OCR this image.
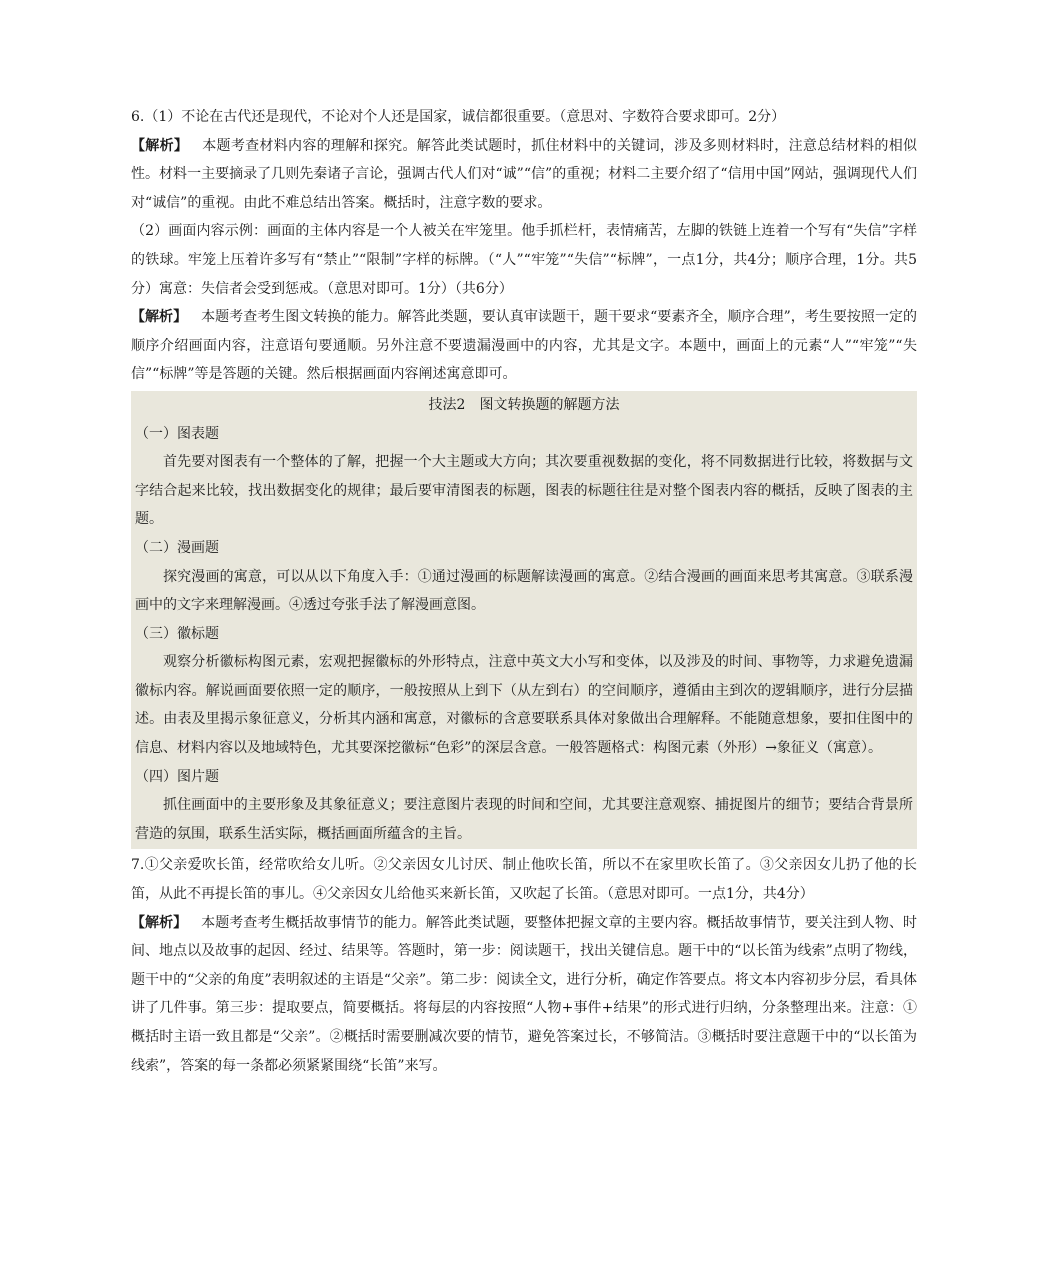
6.（1）不论在古代还是现代，不论对个人还是国家，诚信都很重要。（意思对、字数符合要求即可。2分）

【解析】 本题考查材料内容的理解和探究。解答此类试题时，抓住材料中的关键词，涉及多则材料时，注意总结材料的相似性。材料一主要摘录了几则先秦诸子言论，强调古代人们对“诚”“信”的重视；材料二主要介绍了“信用中国”网站，强调现代人们对“诚信”的重视。由此不难总结出答案。概括时，注意字数的要求。

（2）画面内容示例：画面的主体内容是一个人被关在牢笼里。他手抓栏杆，表情痛苦，左脚的铁链上连着一个写有“失信”字样的铁球。牢笼上压着许多写有“禁止”“限制”字样的标牌。（“人”“牢笼”“失信”“标牌”，一点1分，共4分；顺序合理，1分。共5分）寓意：失信者会受到惩戒。（意思对即可。1分）（共6分）

【解析】 本题考查考生图文转换的能力。解答此类题，要认真审读题干，题干要求“要素齐全，顺序合理”，考生要按照一定的顺序介绍画面内容，注意语句要通顺。另外注意不要遗漏漫画中的内容，尤其是文字。本题中，画面上的元素“人”“牢笼”“失信”“标牌”等是答题的关键。然后根据画面内容阐述寓意即可。

技法2　图文转换题的解题方法

（一）图表题

首先要对图表有一个整体的了解，把握一个大主题或大方向；其次要重视数据的变化，将不同数据进行比较，将数据与文字结合起来比较，找出数据变化的规律；最后要审清图表的标题，图表的标题往往是对整个图表内容的概括，反映了图表的主题。

（二）漫画题

探究漫画的寓意，可以从以下角度入手：①通过漫画的标题解读漫画的寓意。②结合漫画的画面来思考其寓意。③联系漫画中的文字来理解漫画。④透过夸张手法了解漫画意图。

（三）徽标题

观察分析徽标构图元素，宏观把握徽标的外形特点，注意中英文大小写和变体，以及涉及的时间、事物等，力求避免遗漏徽标内容。解说画面要依照一定的顺序，一般按照从上到下（从左到右）的空间顺序，遵循由主到次的逻辑顺序，进行分层描述。由表及里揭示象征意义，分析其内涵和寓意，对徽标的含意要联系具体对象做出合理解释。不能随意想象，要扣住图中的信息、材料内容以及地域特色，尤其要深挖徽标“色彩”的深层含意。一般答题格式：构图元素（外形）→象征义（寓意）。

（四）图片题

抓住画面中的主要形象及其象征意义；要注意图片表现的时间和空间，尤其要注意观察、捕捉图片的细节；要结合背景所营造的氛围，联系生活实际，概括画面所蕴含的主旨。

7.①父亲爱吹长笛，经常吹给女儿听。②父亲因女儿讨厌、制止他吹长笛，所以不在家里吹长笛了。③父亲因女儿扔了他的长笛，从此不再提长笛的事儿。④父亲因女儿给他买来新长笛，又吹起了长笛。（意思对即可。一点1分，共4分）

【解析】 本题考查考生概括故事情节的能力。解答此类试题，要整体把握文章的主要内容。概括故事情节，要关注到人物、时间、地点以及故事的起因、经过、结果等。答题时，第一步：阅读题干，找出关键信息。题干中的“以长笛为线索”点明了物线，题干中的“父亲的角度”表明叙述的主语是“父亲”。第二步：阅读全文，进行分析，确定作答要点。将文本内容初步分层，看具体讲了几件事。第三步：提取要点，简要概括。将每层的内容按照“人物+事件+结果”的形式进行归纳，分条整理出来。注意：①概括时主语一致且都是“父亲”。②概括时需要删减次要的情节，避免答案过长，不够简洁。③概括时要注意题干中的“以长笛为线索”，答案的每一条都必须紧紧围绕“长笛”来写。
